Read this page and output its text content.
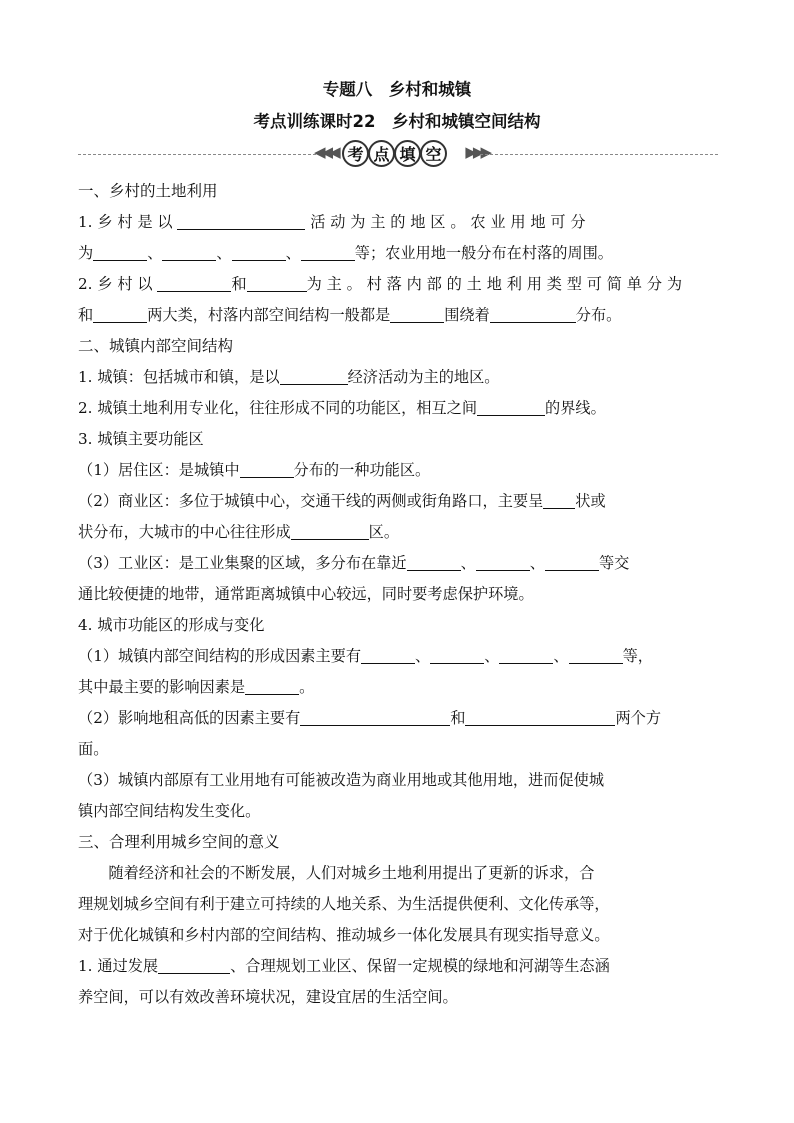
专题八　乡村和城镇
考点训练课时22　乡村和城镇空间结构
◀◀◀ 考 点 填 空	▶▶▶
一、乡村的土地利用
1. 乡 村 是 以	活 动 为 主 的 地 区 。 农 业 用 地 可 分
为	、	、	、	等；农业用地一般分布在村落的周围。
2. 乡 村 以	和	为 主 。 村 落 内 部 的 土 地 利 用 类 型 可 简 单 分 为
和	两大类，村落内部空间结构一般都是	围绕着	分布。
二、城镇内部空间结构
1. 城镇：包括城市和镇，是以	经济活动为主的地区。
2. 城镇土地利用专业化，往往形成不同的功能区，相互之间	的界线。
3. 城镇主要功能区
（1）居住区：是城镇中	分布的一种功能区。
（2）商业区：多位于城镇中心，交通干线的两侧或街角路口，主要呈 状或
状分布，大城市的中心往往形成	区。
（3）工业区：是工业集聚的区域，多分布在靠近	、	、	等交
通比较便捷的地带，通常距离城镇中心较远，同时要考虑保护环境。
4. 城市功能区的形成与变化
（1）城镇内部空间结构的形成因素主要有	、	、	、	等，
其中最主要的影响因素是	。
（2）影响地租高低的因素主要有	和	两个方
面。
（3）城镇内部原有工业用地有可能被改造为商业用地或其他用地，进而促使城
镇内部空间结构发生变化。
三、合理利用城乡空间的意义
随着经济和社会的不断发展，人们对城乡土地利用提出了更新的诉求，合
理规划城乡空间有利于建立可持续的人地关系、为生活提供便利、文化传承等，
对于优化城镇和乡村内部的空间结构、推动城乡一体化发展具有现实指导意义。
1. 通过发展	、合理规划工业区、保留一定规模的绿地和河湖等生态涵
养空间，可以有效改善环境状况，建设宜居的生活空间。
